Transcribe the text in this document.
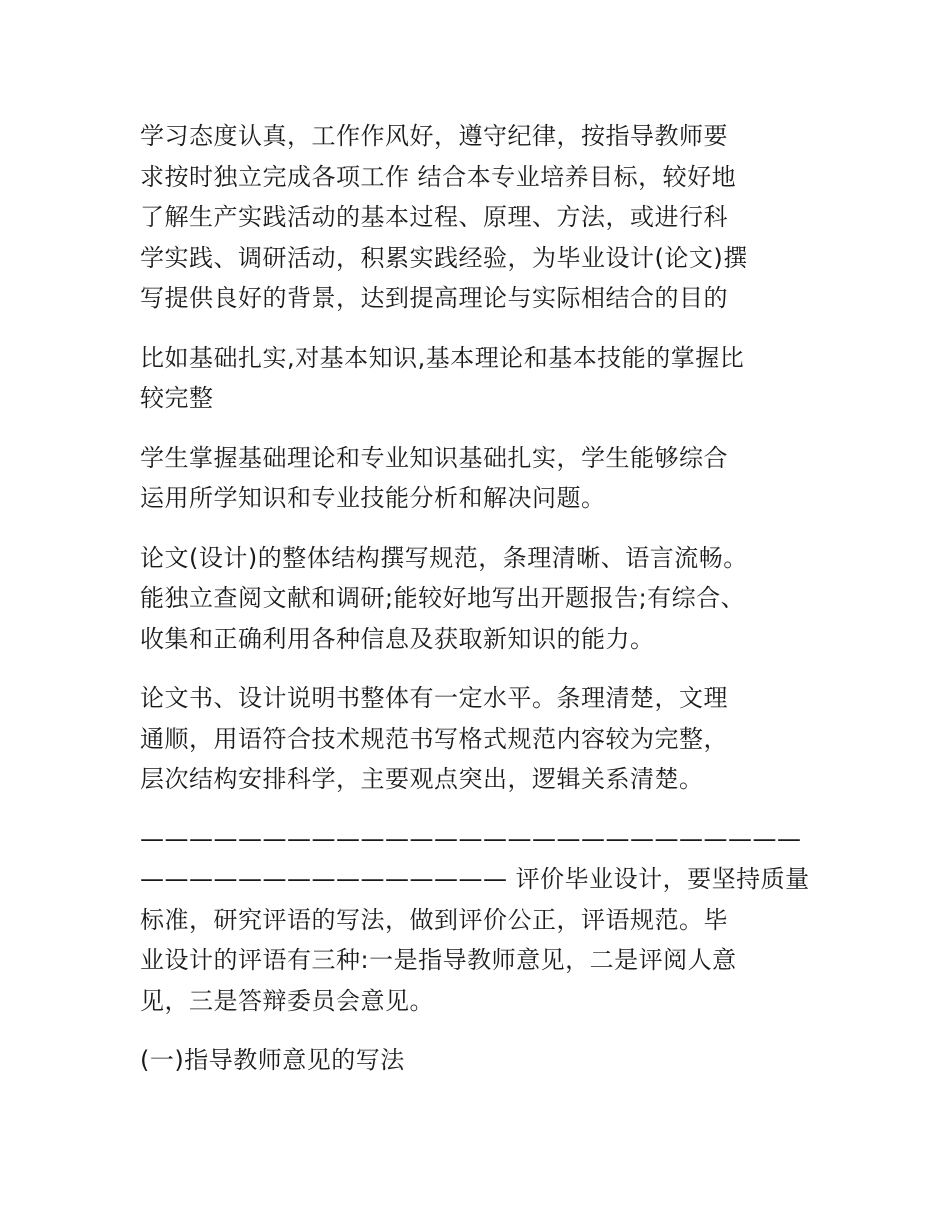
学习态度认真，工作作风好，遵守纪律，按指导教师要
求按时独立完成各项工作 结合本专业培养目标，较好地
了解生产实践活动的基本过程、原理、方法，或进行科
学实践、调研活动，积累实践经验，为毕业设计(论文)撰
写提供良好的背景，达到提高理论与实际相结合的目的
比如基础扎实,对基本知识,基本理论和基本技能的掌握比
较完整
学生掌握基础理论和专业知识基础扎实，学生能够综合
运用所学知识和专业技能分析和解决问题。
论文(设计)的整体结构撰写规范，条理清晰、语言流畅。
能独立查阅文献和调研;能较好地写出开题报告;有综合、
收集和正确利用各种信息及获取新知识的能力。
论文书、设计说明书整体有一定水平。条理清楚，文理
通顺，用语符合技术规范书写格式规范内容较为完整，
层次结构安排科学，主要观点突出，逻辑关系清楚。
———————————————————————————
——————————————— 评价毕业设计，要坚持质量
标准，研究评语的写法，做到评价公正，评语规范。毕
业设计的评语有三种:一是指导教师意见，二是评阅人意
见，三是答辩委员会意见。
(一)指导教师意见的写法
